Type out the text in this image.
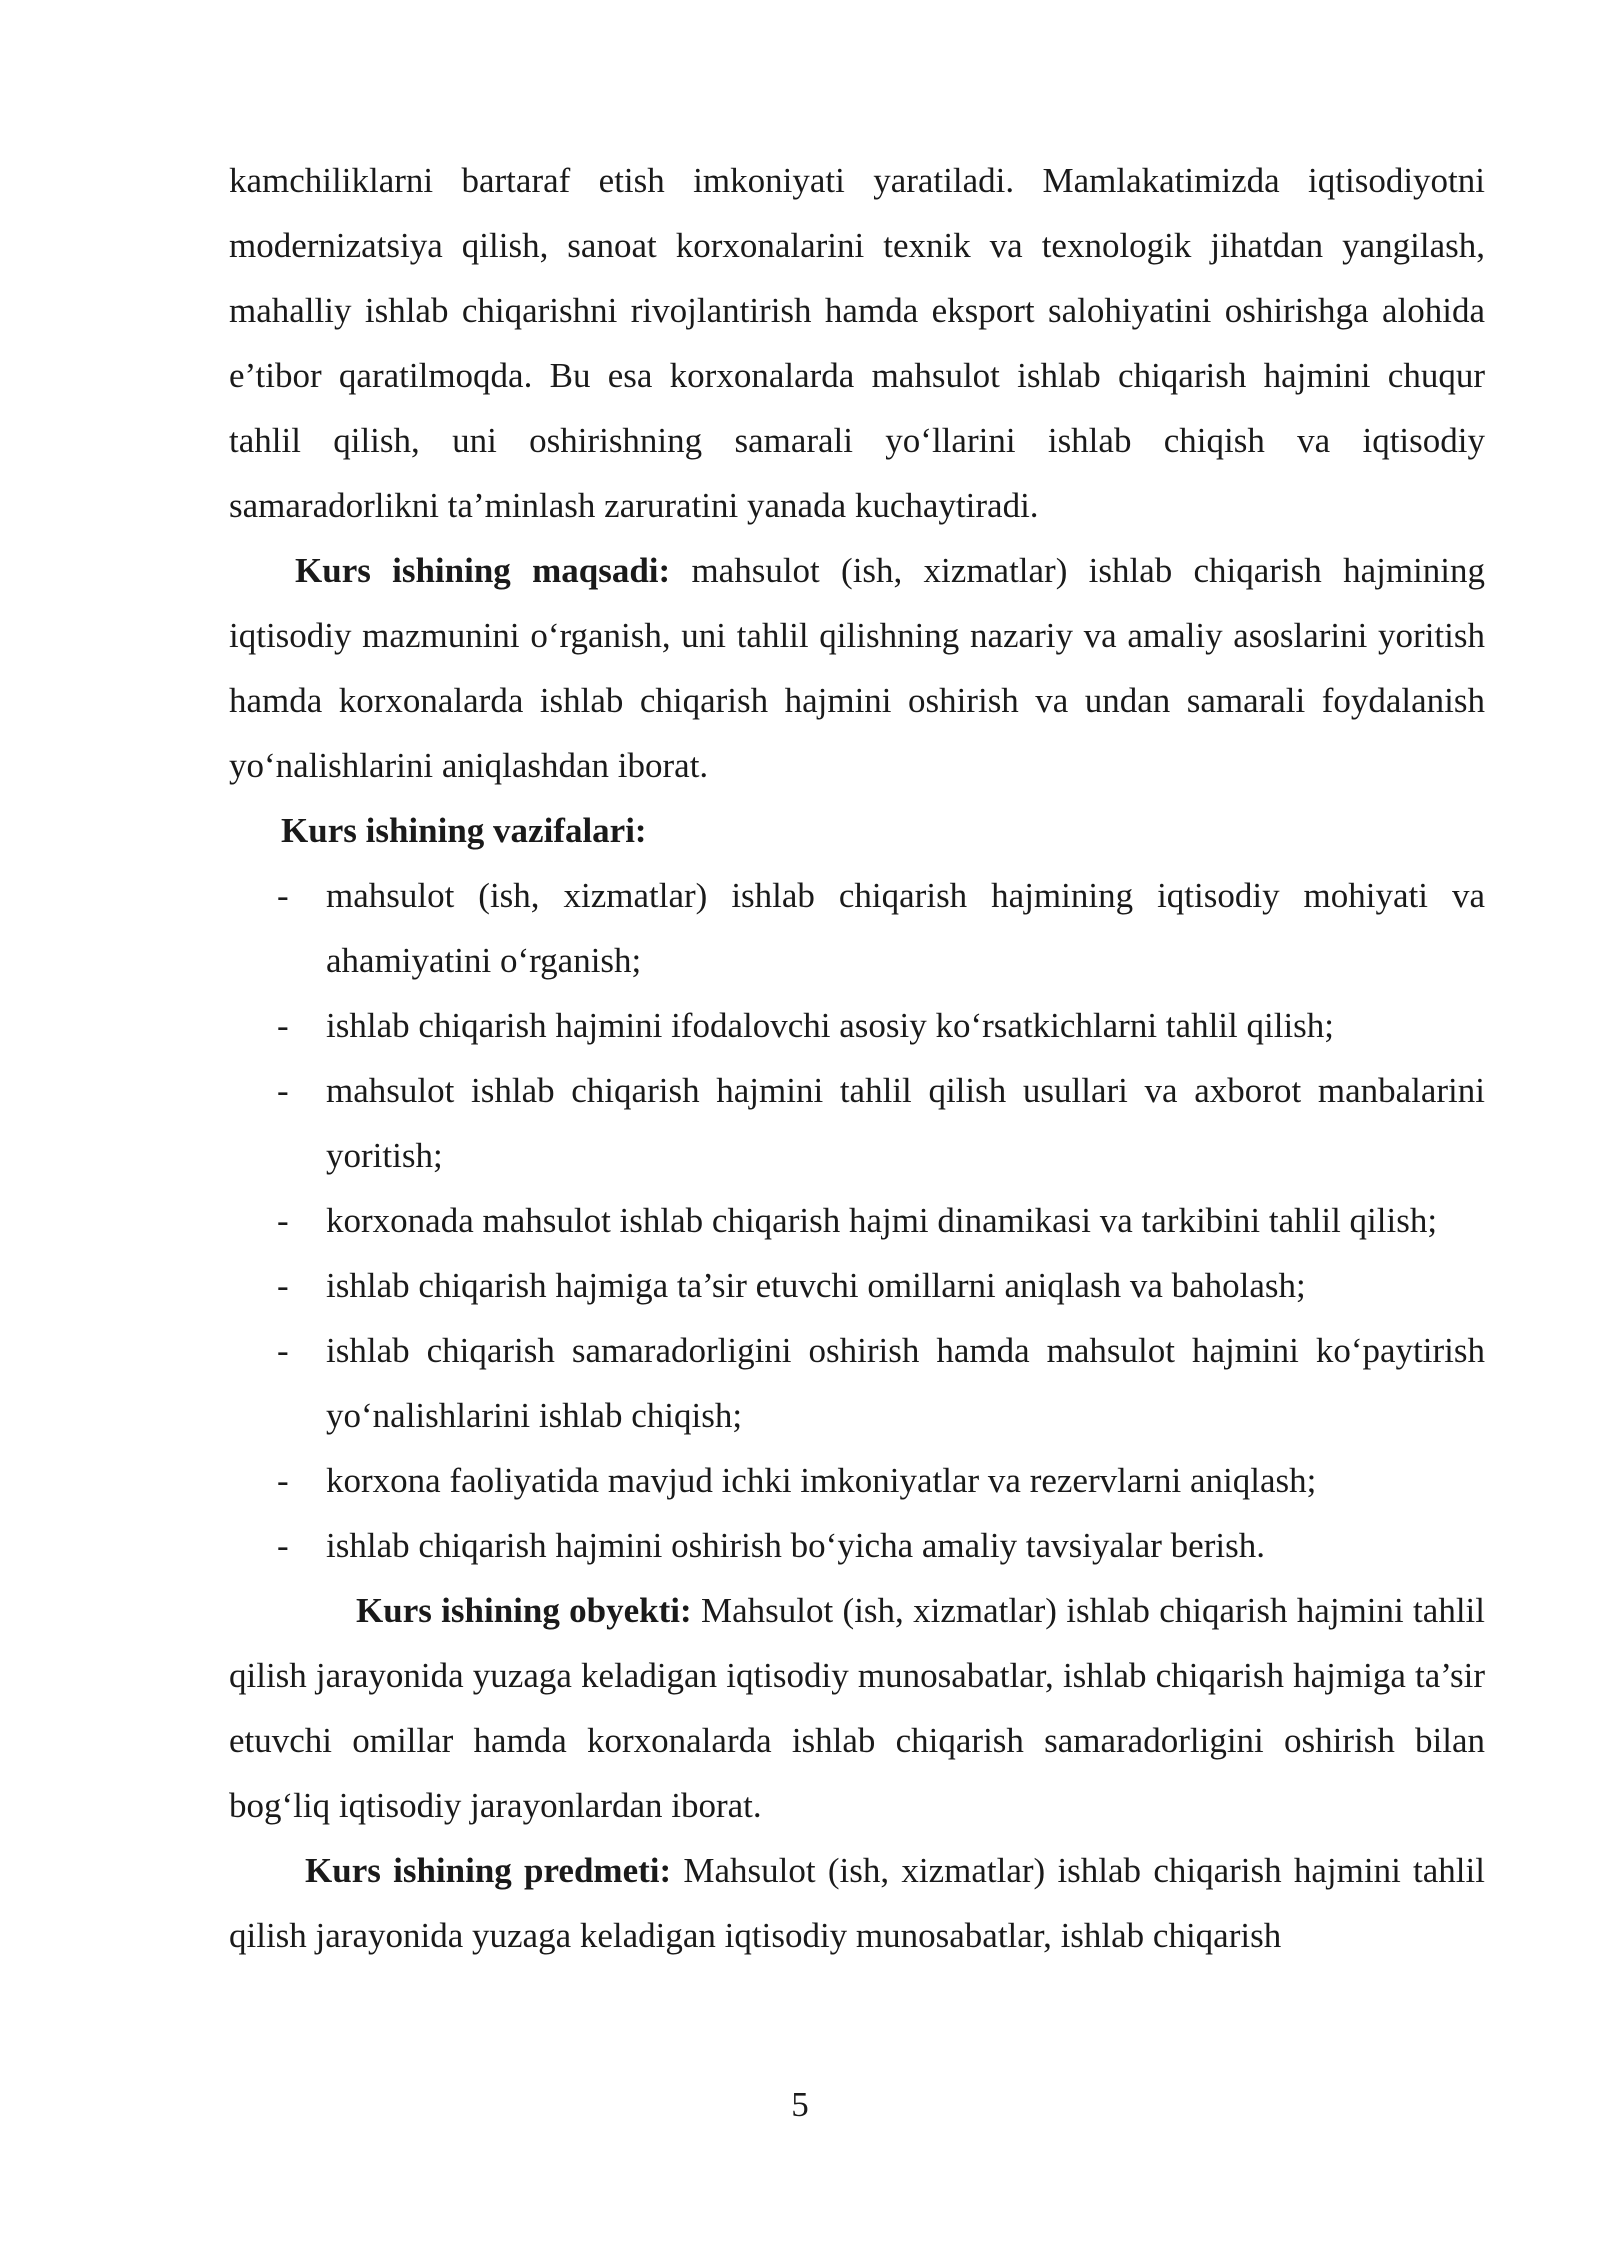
kamchiliklarni bartaraf etish imkoniyati yaratiladi. Mamlakatimizda iqtisodiyotni modernizatsiya qilish, sanoat korxonalarini texnik va texnologik jihatdan yangilash, mahalliy ishlab chiqarishni rivojlantirish hamda eksport salohiyatini oshirishga alohida e’tibor qaratilmoqda. Bu esa korxonalarda mahsulot ishlab chiqarish hajmini chuqur tahlil qilish, uni oshirishning samarali yo‘llarini ishlab chiqish va iqtisodiy samaradorlikni ta’minlash zaruratini yanada kuchaytiradi.

Kurs ishining maqsadi: mahsulot (ish, xizmatlar) ishlab chiqarish hajmining iqtisodiy mazmunini o‘rganish, uni tahlil qilishning nazariy va amaliy asoslarini yoritish hamda korxonalarda ishlab chiqarish hajmini oshirish va undan samarali foydalanish yo‘nalishlarini aniqlashdan iborat.

Kurs ishining vazifalari:

- mahsulot (ish, xizmatlar) ishlab chiqarish hajmining iqtisodiy mohiyati va ahamiyatini o‘rganish;
- ishlab chiqarish hajmini ifodalovchi asosiy ko‘rsatkichlarni tahlil qilish;
- mahsulot ishlab chiqarish hajmini tahlil qilish usullari va axborot manbalarini yoritish;
- korxonada mahsulot ishlab chiqarish hajmi dinamikasi va tarkibini tahlil qilish;
- ishlab chiqarish hajmiga ta’sir etuvchi omillarni aniqlash va baholash;
- ishlab chiqarish samaradorligini oshirish hamda mahsulot hajmini ko‘paytirish yo‘nalishlarini ishlab chiqish;
- korxona faoliyatida mavjud ichki imkoniyatlar va rezervlarni aniqlash;
- ishlab chiqarish hajmini oshirish bo‘yicha amaliy tavsiyalar berish.

Kurs ishining obyekti: Mahsulot (ish, xizmatlar) ishlab chiqarish hajmini tahlil qilish jarayonida yuzaga keladigan iqtisodiy munosabatlar, ishlab chiqarish hajmiga ta’sir etuvchi omillar hamda korxonalarda ishlab chiqarish samaradorligini oshirish bilan bog‘liq iqtisodiy jarayonlardan iborat.

Kurs ishining predmeti: Mahsulot (ish, xizmatlar) ishlab chiqarish hajmini tahlil qilish jarayonida yuzaga keladigan iqtisodiy munosabatlar, ishlab chiqarish

5
